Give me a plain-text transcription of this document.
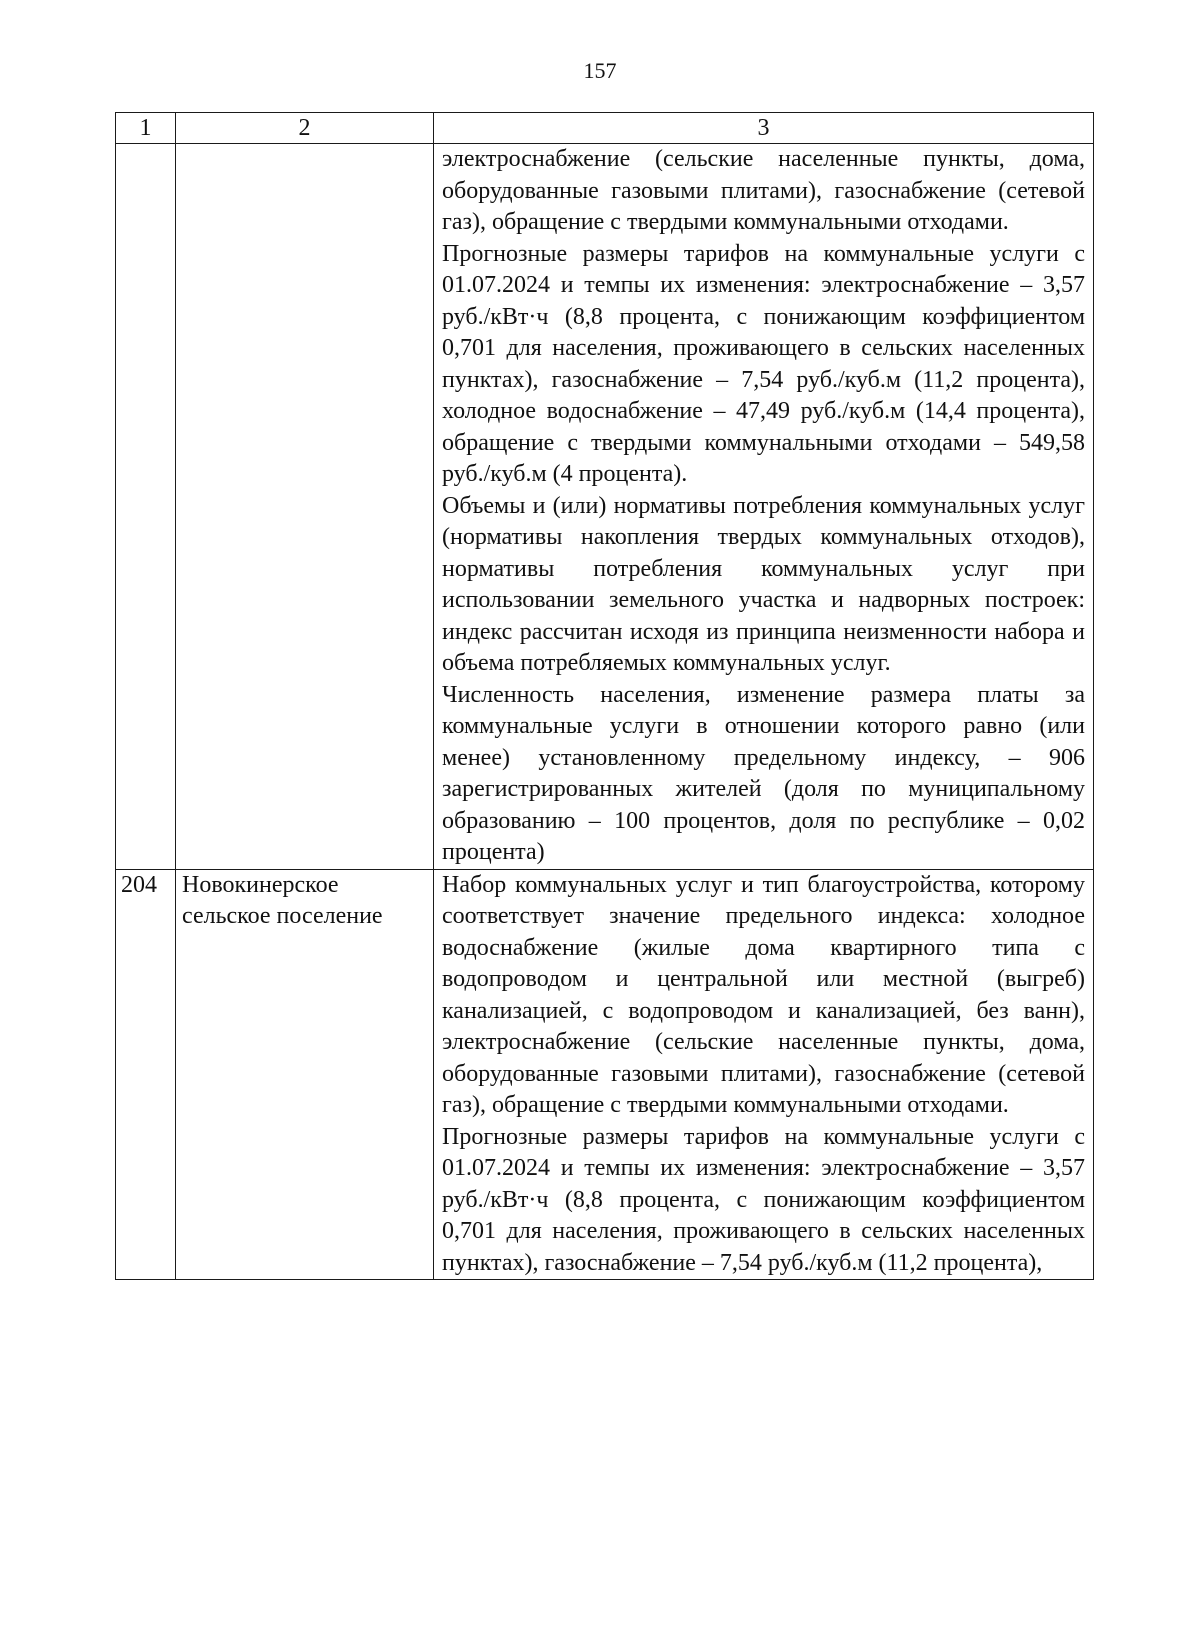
157
1	2	3

		электроснабжение (сельские населенные пункты, дома, оборудованные газовыми плитами), газоснабжение (сетевой газ), обращение с твердыми коммунальными отходами.

Прогнозные размеры тарифов на коммунальные услуги с 01.07.2024 и темпы их изменения: электроснабжение – 3,57 руб./кВт·ч (8,8 процента, с понижающим коэффициентом 0,701 для населения, проживающего в сельских населенных пунктах), газоснабжение – 7,54 руб./куб.м (11,2 процента), холодное водоснабжение – 47,49 руб./куб.м (14,4 процента), обращение с твердыми коммунальными отходами – 549,58 руб./куб.м (4 процента).

Объемы и (или) нормативы потребления коммунальных услуг (нормативы накопления твердых коммунальных отходов), нормативы потребления коммунальных услуг при использовании земельного участка и надворных построек: индекс рассчитан исходя из принципа неизменности набора и объема потребляемых коммунальных услуг.

Численность населения, изменение размера платы за коммунальные услуги в отношении которого равно (или менее) установленному предельному индексу, – 906 зарегистрированных жителей (доля по муниципальному образованию – 100 процентов, доля по республике – 0,02 процента)

204	Новокинерское сельское поселение	Набор коммунальных услуг и тип благоустройства, которому соответствует значение предельного индекса: холодное водоснабжение (жилые дома квартирного типа с водопроводом и центральной или местной (выгреб) канализацией, с водопроводом и канализацией, без ванн), электроснабжение (сельские населенные пункты, дома, оборудованные газовыми плитами), газоснабжение (сетевой газ), обращение с твердыми коммунальными отходами.

Прогнозные размеры тарифов на коммунальные услуги с 01.07.2024 и темпы их изменения: электроснабжение – 3,57 руб./кВт·ч (8,8 процента, с понижающим коэффициентом 0,701 для населения, проживающего в сельских населенных пунктах), газоснабжение – 7,54 руб./куб.м (11,2 процента),
